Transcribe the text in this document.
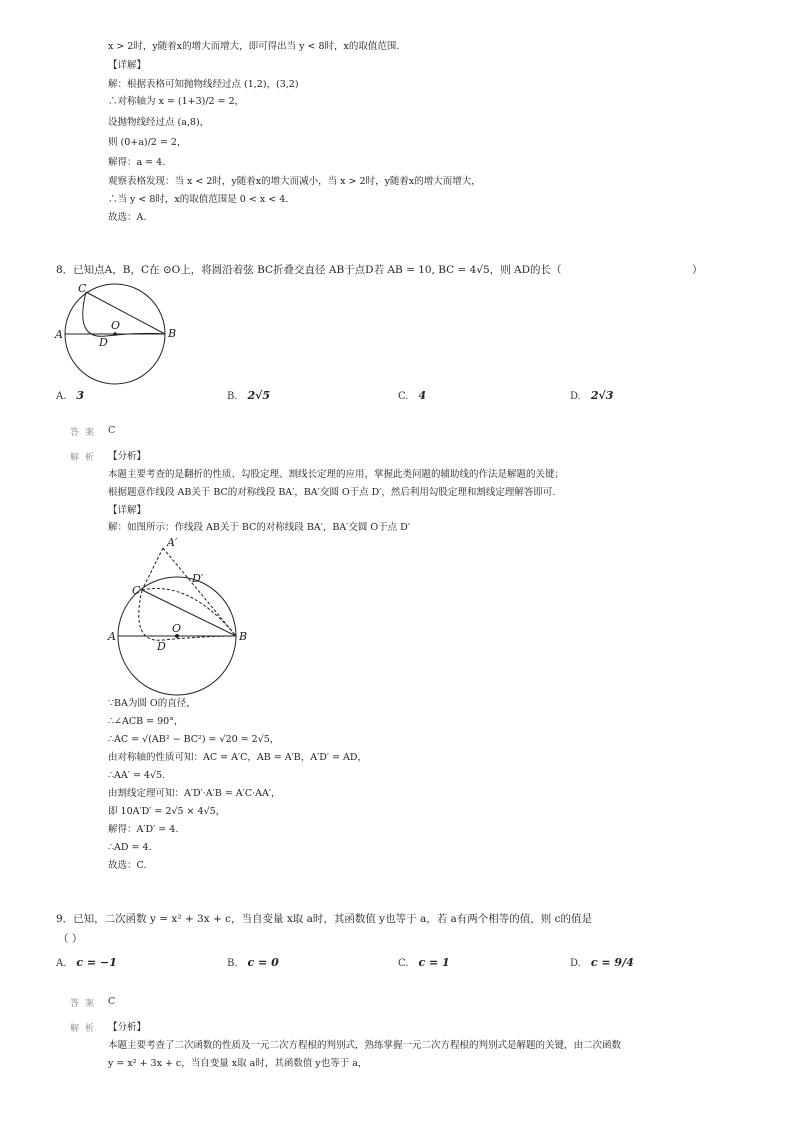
x > 2时，y随着x的增大而增大，即可得出当 y < 8时，x的取值范围.
【详解】
解：根据表格可知抛物线经过点 (1,2)，(3,2)
∴对称轴为 x = (1+3)/2 = 2，
设抛物线经过点 (a,8)，
则 (0+a)/2 = 2，
解得：a = 4.
观察表格发现：当 x < 2时，y随着x的增大而减小，当 x > 2时，y随着x的增大而增大，
∴当 y < 8时，x的取值范围是 0 < x < 4.
故选：A.
8．已知点A，B，C在 ⊙O上，将圆沿着弦 BC折叠交直径 AB于点D若 AB = 10, BC = 4√5，则 AD的长（	）
C
A
O
D
B
A. 3	B. 2√5	C. 4	D. 2√3
答案 C
解析 【分析】
本题主要考查的是翻折的性质、勾股定理、割线长定理的应用，掌握此类问题的辅助线的作法是解题的关键；
根据题意作线段 AB关于 BC的对称线段 BA′，BA′交圆 O于点 D′，然后利用勾股定理和割线定理解答即可.
【详解】
解：如图所示：作线段 AB关于 BC的对称线段 BA′，BA′交圆 O于点 D′
A′
D′
C
A
O
D
B
∵BA为圆 O的直径，
∴∠ACB = 90°，
∴AC = √(AB² − BC²) = √20 = 2√5，
由对称轴的性质可知：AC = A′C，AB = A′B，A′D′ = AD，
∴AA′ = 4√5.
由割线定理可知：A′D′·A′B = A′C·AA′，
即 10A′D′ = 2√5 × 4√5，
解得：A′D′ = 4.
∴AD = 4.
故选：C.
9．已知，二次函数 y = x² + 3x + c，当自变量 x取 a时，其函数值 y也等于 a，若 a有两个相等的值，则 c的值是
（ ）
A. c = −1	B. c = 0	C. c = 1	D. c = 9/4
答案 C
解析 【分析】
本题主要考查了二次函数的性质及一元二次方程根的判别式，熟练掌握一元二次方程根的判别式是解题的关键，由二次函数
y = x² + 3x + c，当自变量 x取 a时，其函数值 y也等于 a，
